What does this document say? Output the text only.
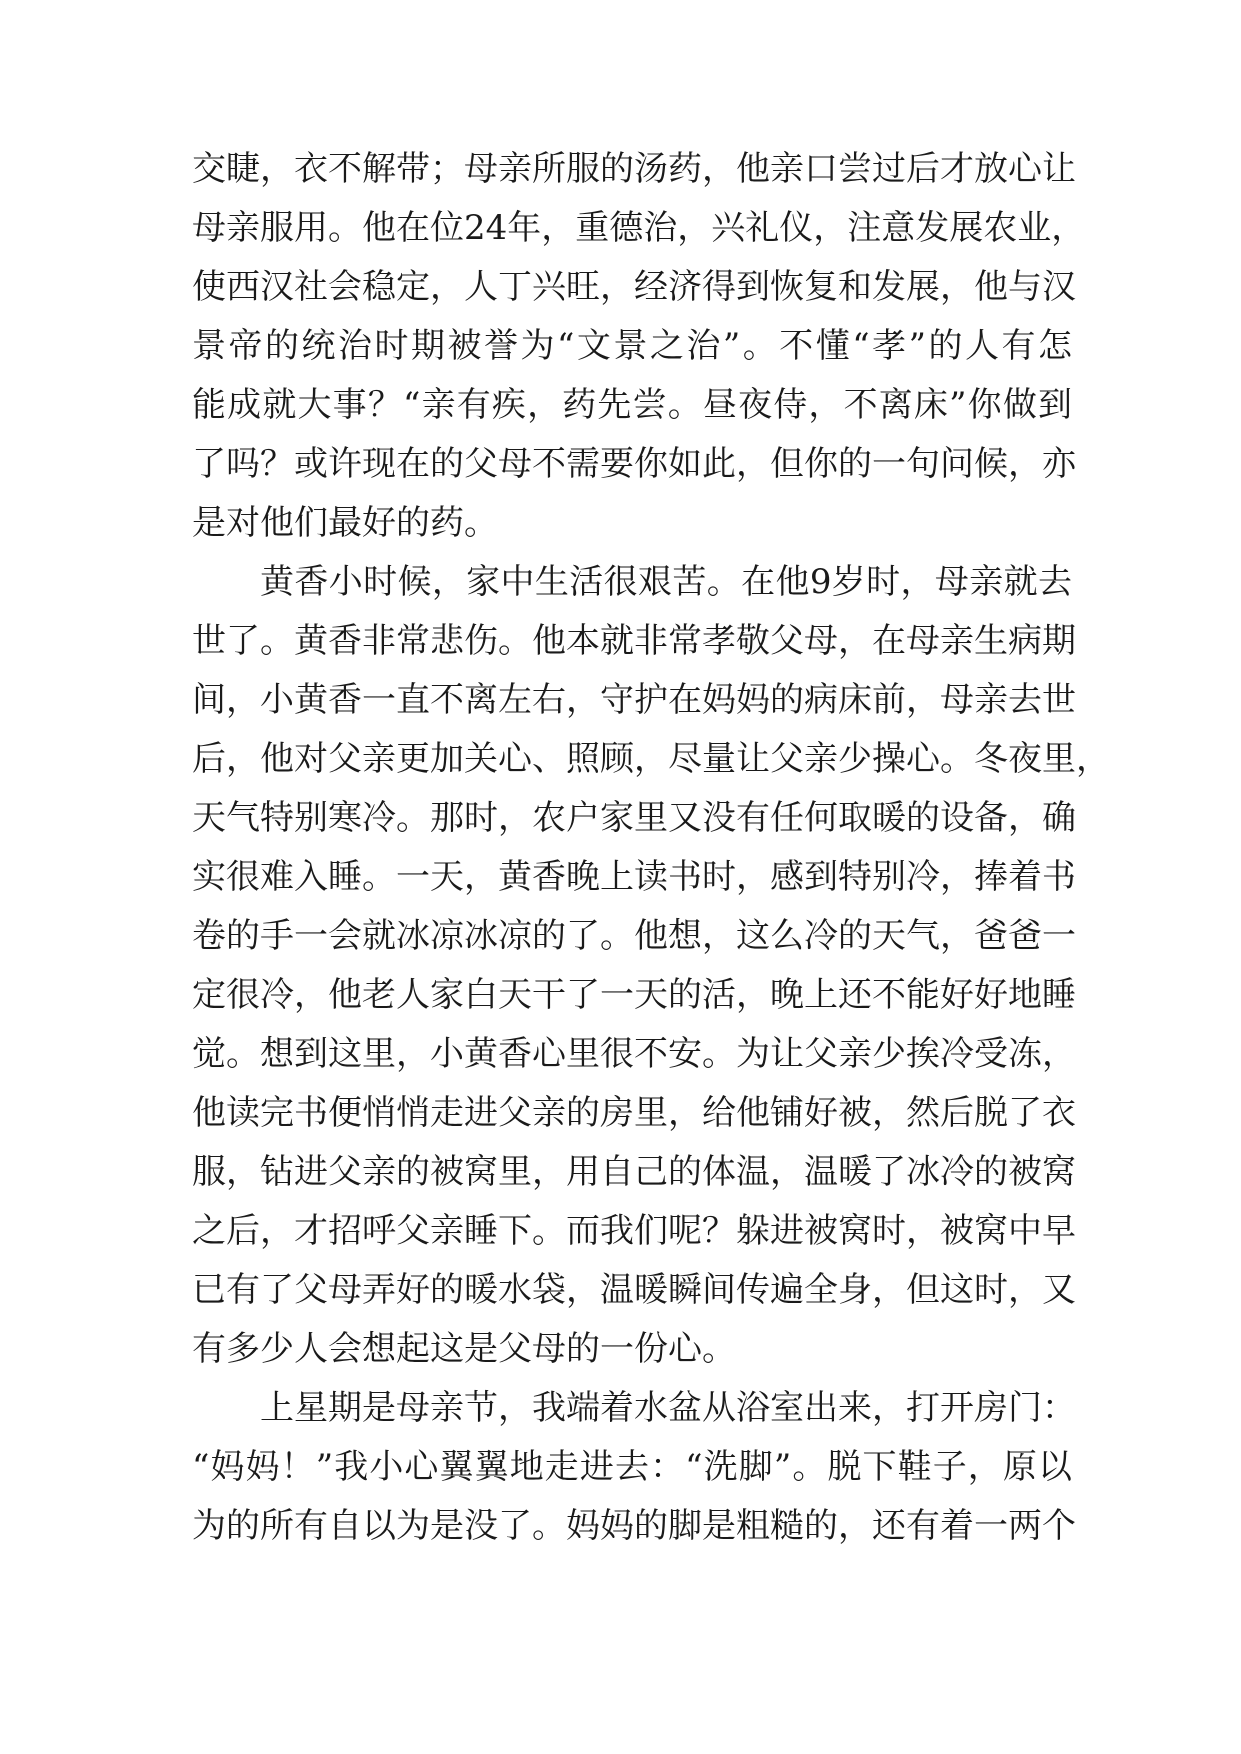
交睫，衣不解带；母亲所服的汤药，他亲口尝过后才放心让
母亲服用。他在位24年，重德治，兴礼仪，注意发展农业，
使西汉社会稳定，人丁兴旺，经济得到恢复和发展，他与汉
景帝的统治时期被誉为“文景之治”。不懂“孝”的人有怎
能成就大事？“亲有疾，药先尝。昼夜侍，不离床”你做到
了吗？或许现在的父母不需要你如此，但你的一句问候，亦
是对他们最好的药。
黄香小时候，家中生活很艰苦。在他9岁时，母亲就去
世了。黄香非常悲伤。他本就非常孝敬父母，在母亲生病期
间，小黄香一直不离左右，守护在妈妈的病床前，母亲去世
后，他对父亲更加关心、照顾，尽量让父亲少操心。冬夜里，
天气特别寒冷。那时，农户家里又没有任何取暖的设备，确
实很难入睡。一天，黄香晚上读书时，感到特别冷，捧着书
卷的手一会就冰凉冰凉的了。他想，这么冷的天气，爸爸一
定很冷，他老人家白天干了一天的活，晚上还不能好好地睡
觉。想到这里，小黄香心里很不安。为让父亲少挨冷受冻，
他读完书便悄悄走进父亲的房里，给他铺好被，然后脱了衣
服，钻进父亲的被窝里，用自己的体温，温暖了冰冷的被窝
之后，才招呼父亲睡下。而我们呢？躲进被窝时，被窝中早
已有了父母弄好的暖水袋，温暖瞬间传遍全身，但这时，又
有多少人会想起这是父母的一份心。
上星期是母亲节，我端着水盆从浴室出来，打开房门：
“妈妈！”我小心翼翼地走进去：“洗脚”。脱下鞋子，原以
为的所有自以为是没了。妈妈的脚是粗糙的，还有着一两个
